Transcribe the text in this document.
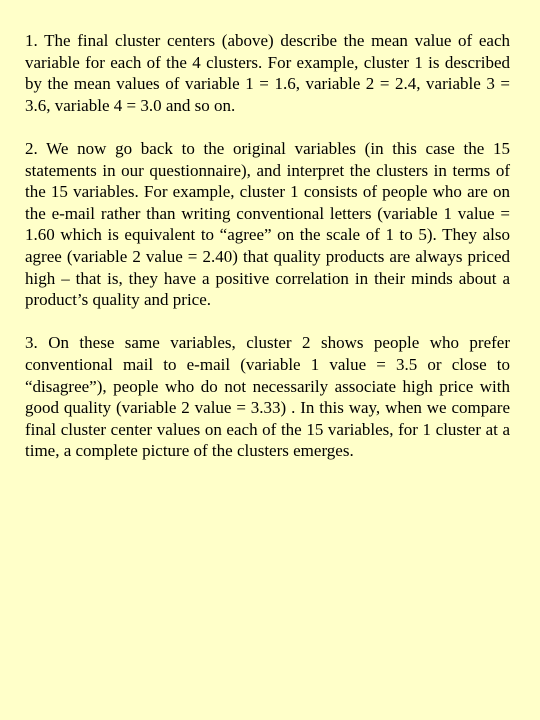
1. The final cluster centers (above) describe the mean value of each variable for each of the 4 clusters. For example, cluster 1 is described by the mean values of variable 1 = 1.6, variable 2 = 2.4, variable 3 = 3.6, variable 4 = 3.0 and so on.

2. We now go back to the original variables (in this case the 15 statements in our questionnaire), and interpret the clusters in terms of the 15 variables. For example, cluster 1 consists of people who are on the e-mail rather than writing conventional letters (variable 1 value = 1.60 which is equivalent to “agree” on the scale of 1 to 5). They also agree (variable 2 value = 2.40) that quality products are always priced high – that is, they have a positive correlation in their minds about a product’s quality and price.

3. On these same variables, cluster 2 shows people who prefer conventional mail to e-mail (variable 1 value = 3.5 or close to “disagree”), people who do not necessarily associate high price with good quality (variable 2 value = 3.33) . In this way, when we compare final cluster center values on each of the 15 variables, for 1 cluster at a time, a complete picture of the clusters emerges.
